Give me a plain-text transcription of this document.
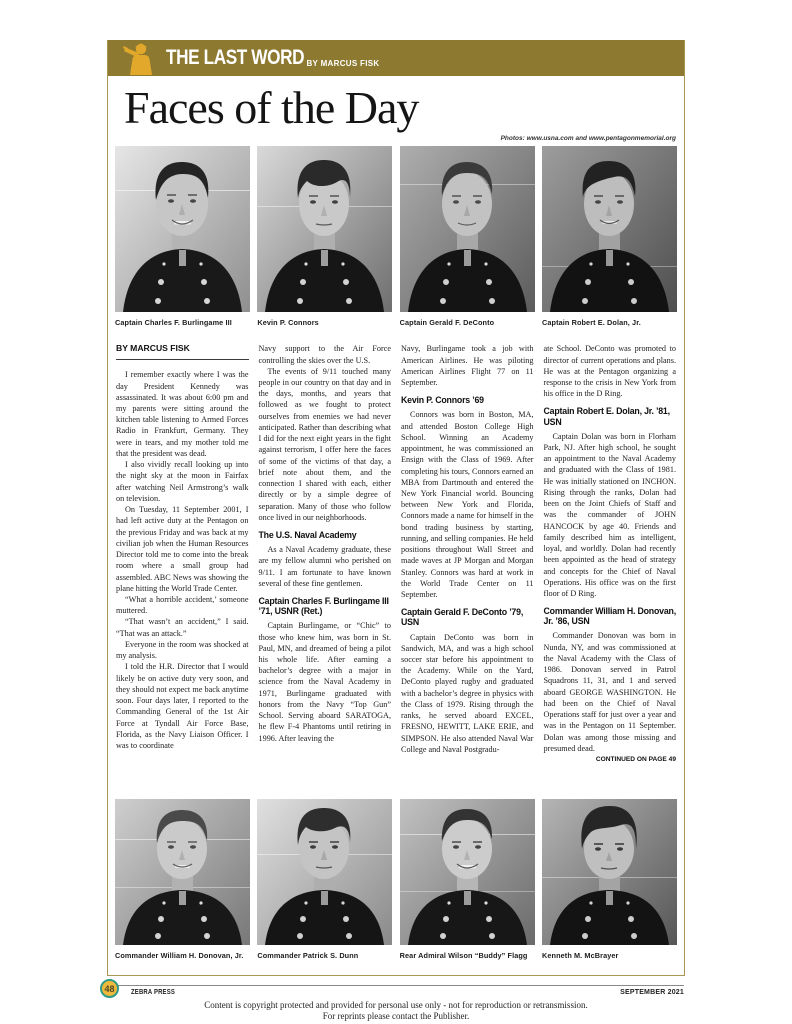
THE LAST WORD BY MARCUS FISK
Faces of the Day
Photos: www.usna.com and www.pentagonmemorial.org
Captain Charles F. Burlingame III	Kevin P. Connors	Captain Gerald F. DeConto	Captain Robert E. Dolan, Jr.
BY MARCUS FISK

I remember exactly where I was the day President Kennedy was assassinated. It was about 6:00 pm and my parents were sitting around the kitchen table listening to Armed Forces Radio in Frankfurt, Germany. They were in tears, and my mother told me that the president was dead.

I also vividly recall looking up into the night sky at the moon in Fairfax after watching Neil Armstrong’s walk on television.

On Tuesday, 11 September 2001, I had left active duty at the Pentagon on the previous Friday and was back at my civilian job when the Human Resources Director told me to come into the break room where a small group had assembled. ABC News was showing the plane hitting the World Trade Center.

“What a horrible accident,’ someone muttered.

“That wasn’t an accident,” I said. “That was an attack.”

Everyone in the room was shocked at my analysis.

I told the H.R. Director that I would likely be on active duty very soon, and they should not expect me back anytime soon. Four days later, I reported to the Commanding General of the 1st Air Force at Tyndall Air Force Base, Florida, as the Navy Liaison Officer. I was to coordinate

Navy support to the Air Force controlling the skies over the U.S.

The events of 9/11 touched many people in our country on that day and in the days, months, and years that followed as we fought to protect ourselves from enemies we had never anticipated. Rather than describing what I did for the next eight years in the fight against terrorism, I offer here the faces of some of the victims of that day, a brief note about them, and the connection I shared with each, either directly or by a simple degree of separation. Many of those who follow once lived in our neighborhoods.

The U.S. Naval Academy

As a Naval Academy graduate, these are my fellow alumni who perished on 9/11. I am fortunate to have known several of these fine gentlemen.

Captain Charles F. Burlingame III ’71, USNR (Ret.)

Captain Burlingame, or “Chic” to those who knew him, was born in St. Paul, MN, and dreamed of being a pilot his whole life. After earning a bachelor’s degree with a major in science from the Naval Academy in 1971, Burlingame graduated with honors from the Navy “Top Gun” School. Serving aboard SARATOGA, he flew F-4 Phantoms until retiring in 1996. After leaving the

Navy, Burlingame took a job with American Airlines. He was piloting American Airlines Flight 77 on 11 September.

Kevin P. Connors ’69

Connors was born in Boston, MA, and attended Boston College High School. Winning an Academy appointment, he was commissioned an Ensign with the Class of 1969. After completing his tours, Connors earned an MBA from Dartmouth and entered the New York Financial world. Bouncing between New York and Florida, Connors made a name for himself in the bond trading business by starting, running, and selling companies. He held positions throughout Wall Street and made waves at JP Morgan and Morgan Stanley. Connors was hard at work in the World Trade Center on 11 September.

Captain Gerald F. DeConto ’79, USN

Captain DeConto was born in Sandwich, MA, and was a high school soccer star before his appointment to the Academy. While on the Yard, DeConto played rugby and graduated with a bachelor’s degree in physics with the Class of 1979. Rising through the ranks, he served aboard EXCEL, FRESNO, HEWITT, LAKE ERIE, and SIMPSON. He also attended Naval War College and Naval Postgradu-

ate School. DeConto was promoted to director of current operations and plans. He was at the Pentagon organizing a response to the crisis in New York from his office in the D Ring.

Captain Robert E. Dolan, Jr. ’81, USN

Captain Dolan was born in Florham Park, NJ. After high school, he sought an appointment to the Naval Academy and graduated with the Class of 1981. He was initially stationed on INCHON. Rising through the ranks, Dolan had been on the Joint Chiefs of Staff and was the commander of JOHN HANCOCK by age 40. Friends and family described him as intelligent, loyal, and worldly. Dolan had recently been appointed as the head of strategy and concepts for the Chief of Naval Operations. His office was on the first floor of D Ring.

Commander William H. Donovan, Jr. ’86, USN

Commander Donovan was born in Nunda, NY, and was commissioned at the Naval Academy with the Class of 1986. Donovan served in Patrol Squadrons 11, 31, and 1 and served aboard GEORGE WASHINGTON. He had been on the Chief of Naval Operations staff for just over a year and was in the Pentagon on 11 September. Dolan was among those missing and presumed dead.

CONTINUED ON PAGE 49
Commander William H. Donovan, Jr.	Commander Patrick S. Dunn	Rear Admiral Wilson “Buddy” Flagg	Kenneth M. McBrayer
48	ZEBRA PRESS	SEPTEMBER 2021
Content is copyright protected and provided for personal use only - not for reproduction or retransmission.
For reprints please contact the Publisher.
